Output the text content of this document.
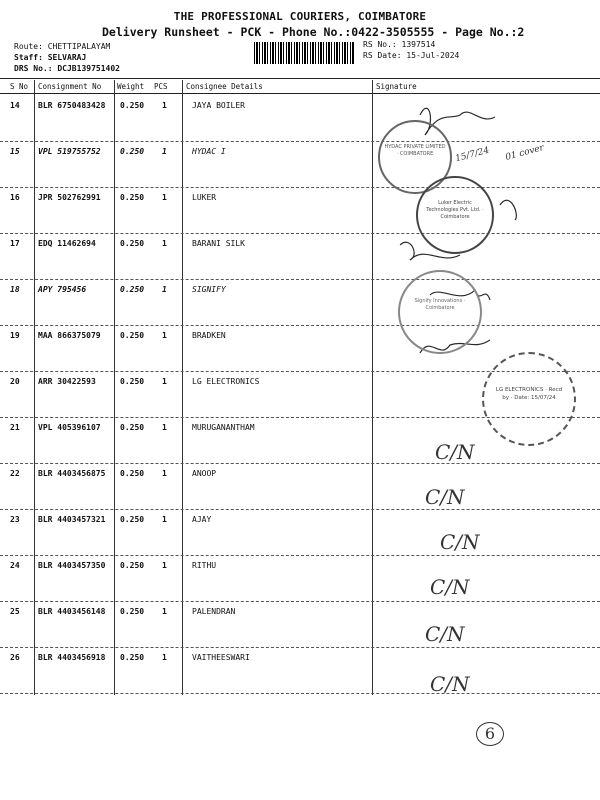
THE PROFESSIONAL COURIERS, COIMBATORE
Delivery Runsheet - PCK - Phone No.:0422-3505555 - Page No.:2
Route: CHETTIPALAYAM
Staff: SELVARAJ
DRS No.: DCJB139751402
RS No.: 1397514
RS Date: 15-Jul-2024
S No Consignment No Weight PCS Consignee Details	Signature
14 BLR 6750483428 0.250 1	JAYA BOILER
15 VPL 519755752 0.250 1	HYDAC I
16 JPR 502762991 0.250 1	LUKER
17 EDQ 11462694	0.250 1	BARANI SILK
18 APY 795456	0.250 1	SIGNIFY
19 MAA 866375079 0.250 1	BRADKEN
20 ARR 30422593	0.250 1	LG ELECTRONICS
21 VPL 405396107 0.250 1	MURUGANANTHAM
22 BLR 4403456875 0.250 1	ANOOP
23 BLR 4403457321 0.250 1	AJAY
24 BLR 4403457350 0.250 1	RITHU
25 BLR 4403456148 0.250 1	PALENDRAN
26 BLR 4403456918 0.250 1	VAITHEESWARI
HYDAC PRIVATE LIMITED · COIMBATORE
Luker Electric Technologies Pvt. Ltd. · Coimbatore
Signify Innovations · Coimbatore
LG ELECTRONICS · Recd by · Date: 15/07/24
15/7/24 01 cover
C/N
C/N
C/N
C/N
C/N
C/N
6
